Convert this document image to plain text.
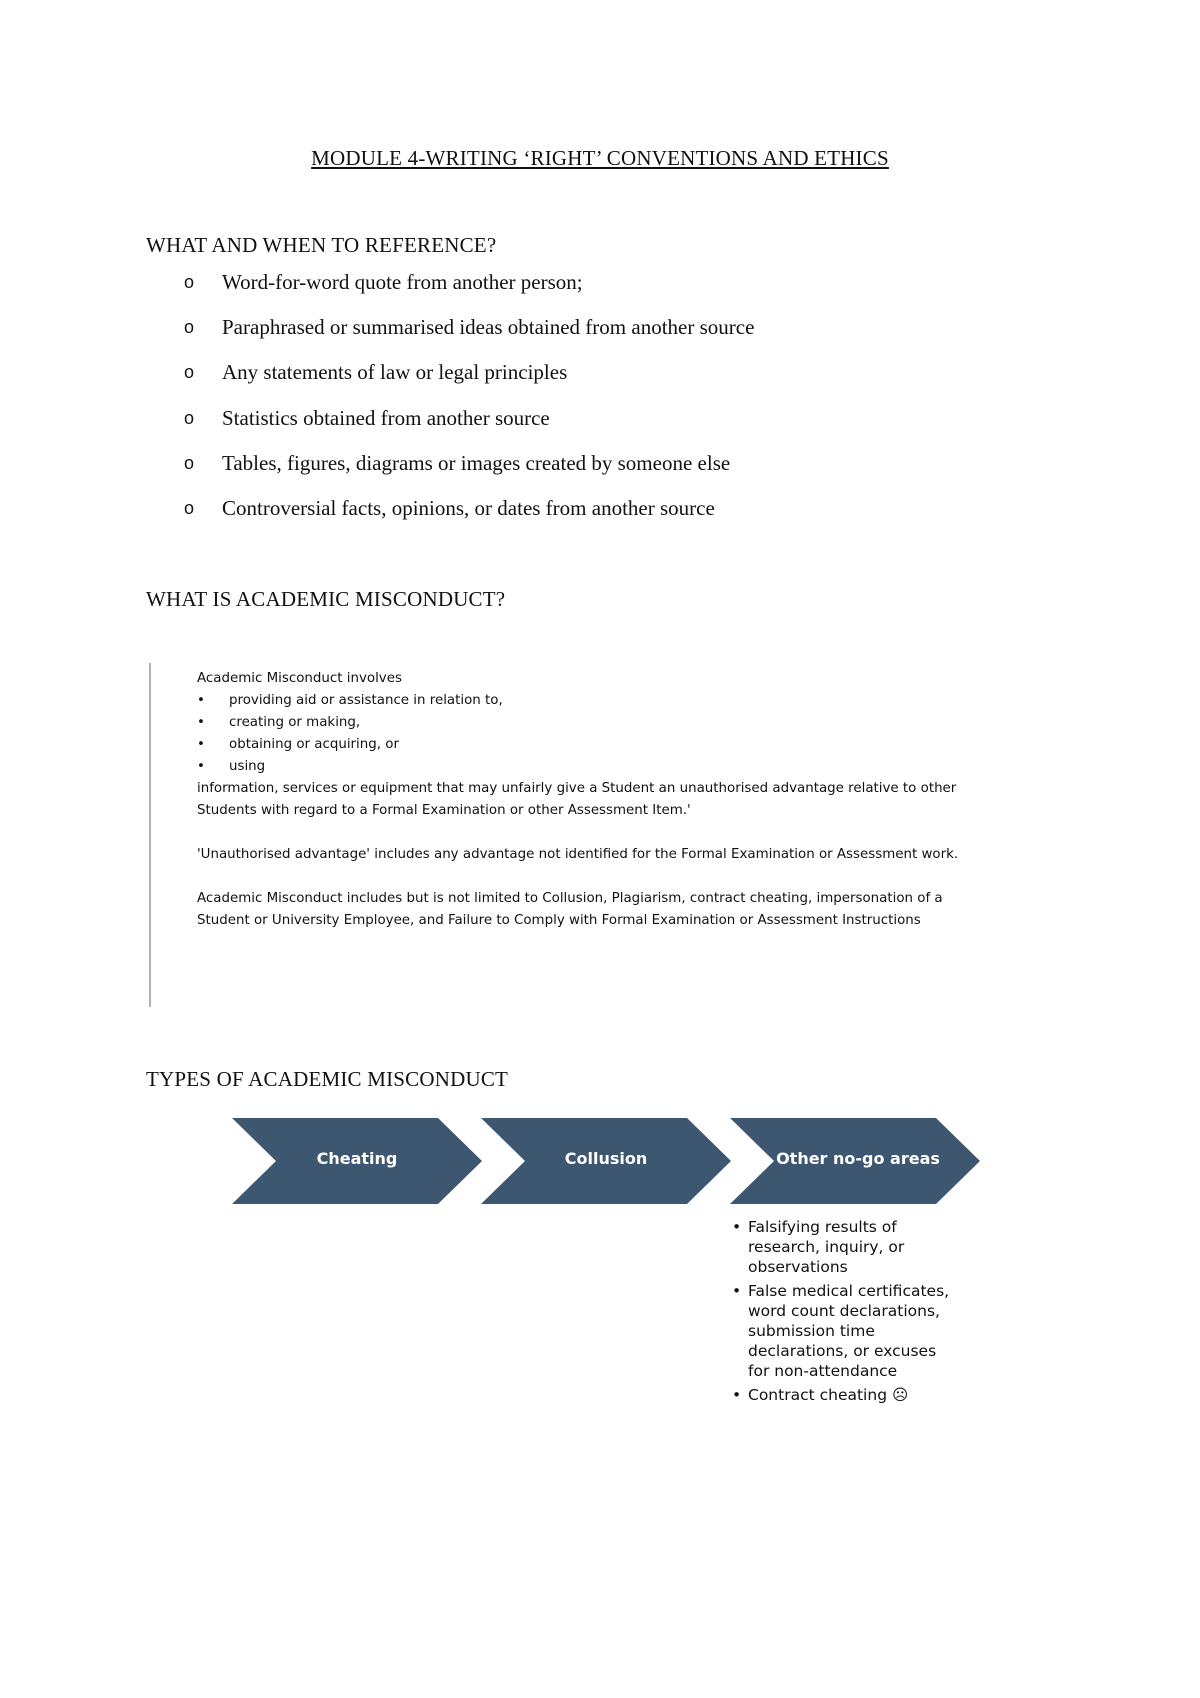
MODULE 4-WRITING ‘RIGHT’ CONVENTIONS AND ETHICS
WHAT AND WHEN TO REFERENCE?
o	Word-for-word quote from another person;
o	Paraphrased or summarised ideas obtained from another source
o	Any statements of law or legal principles
o	Statistics obtained from another source
o	Tables, figures, diagrams or images created by someone else
o	Controversial facts, opinions, or dates from another source
WHAT IS ACADEMIC MISCONDUCT?

Academic Misconduct involves

•	providing aid or assistance in relation to,
•	creating or making,
•	obtaining or acquiring, or
•	using

information, services or equipment that may unfairly give a Student an unauthorised advantage relative to other

Students with regard to a Formal Examination or other Assessment Item.'

'Unauthorised advantage' includes any advantage not identified for the Formal Examination or Assessment work.

Academic Misconduct includes but is not limited to Collusion, Plagiarism, contract cheating, impersonation of a

Student or University Employee, and Failure to Comply with Formal Examination or Assessment Instructions

TYPES OF ACADEMIC MISCONDUCT
Cheating	Collusion	Other no-go areas
• Falsifying results of research, inquiry, or observations
• False medical certificates, word count declarations, submission time declarations, or excuses for non-attendance
• Contract cheating ☹
